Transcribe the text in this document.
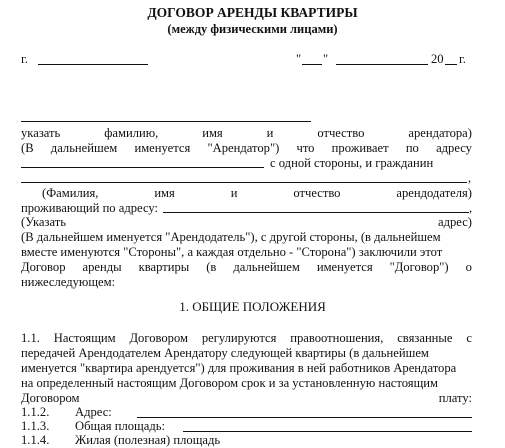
ДОГОВОР АРЕНДЫ КВАРТИРЫ
(между физическими лицами)
г.	" "	20 г.
указать	фамилию,	имя	и	отчество	арендатора)
(В дальнейшем именуется "Арендатор") что проживает по адресу
с одной стороны, и гражданин
,
(Фамилия,	имя	и	отчество	арендодателя)
проживающий по адресу:	,
(Указать	адрес)
(В дальнейшем именуется "Арендодатель"), с другой стороны, (в дальнейшем
вместе именуются "Стороны", а каждая отдельно - "Сторона") заключили этот
Договор аренды квартиры (в дальнейшем именуется "Договор") о
нижеследующем:
1. ОБЩИЕ ПОЛОЖЕНИЯ
1.1. Настоящим Договором регулируются правоотношения, связанные с
передачей Арендодателем Арендатору следующей квартиры (в дальнейшем
именуется "квартира арендуется") для проживания в ней работников Арендатора
на определенный настоящим Договором срок и за установленную настоящим
Договором	плату:
1.1.2. Адрес:
1.1.3. Общая площадь:
1.1.4. Жилая (полезная) площадь
